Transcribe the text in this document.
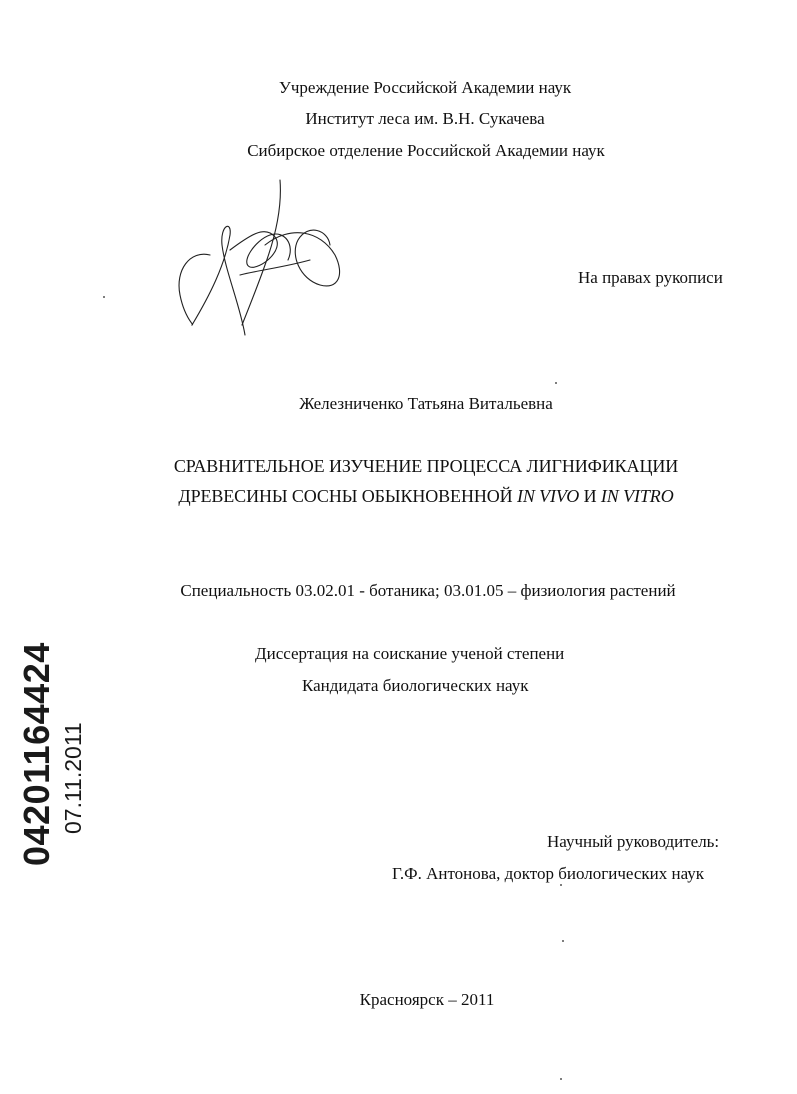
Учреждение Российской Академии наук
Институт леса им. В.Н. Сукачева
Сибирское отделение Российской Академии наук
На правах рукописи
Железниченко Татьяна Витальевна
СРАВНИТЕЛЬНОЕ ИЗУЧЕНИЕ ПРОЦЕССА ЛИГНИФИКАЦИИ
ДРЕВЕСИНЫ СОСНЫ ОБЫКНОВЕННОЙ IN VIVO И IN VITRO
Специальность 03.02.01 - ботаника; 03.01.05 – физиология растений
Диссертация на соискание ученой степени
Кандидата биологических наук
Научный руководитель:
Г.Ф. Антонова, доктор биологических наук
Красноярск – 2011
04201164424 07.11.2011
